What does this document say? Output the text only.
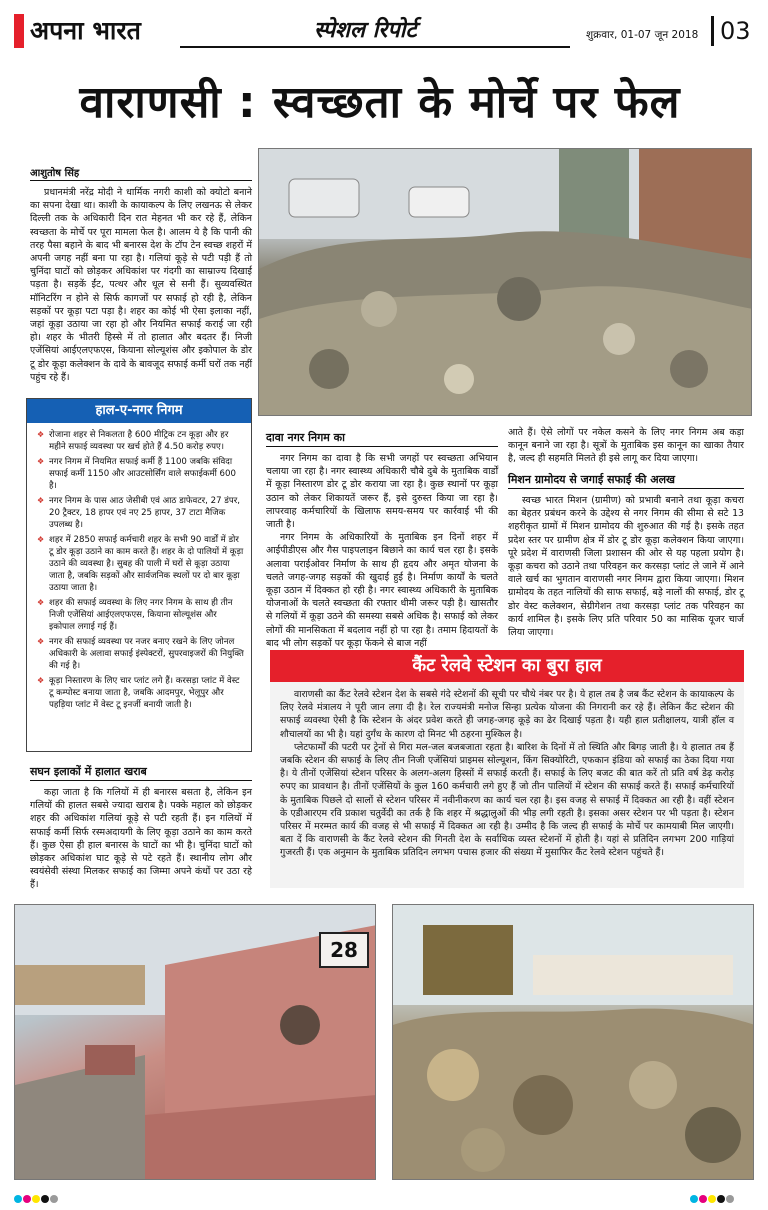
अपना भारत	स्पेशल रिपोर्ट	शुक्रवार, 01-07 जून 2018 03
वाराणसी : स्वच्छता के मोर्चे पर फेल
आशुतोष सिंह

प्रधानमंत्री नरेंद्र मोदी ने धार्मिक नगरी काशी को क्योटो बनाने का सपना देखा था। काशी के कायाकल्प के लिए लखनऊ से लेकर दिल्ली तक के अधिकारी दिन रात मेहनत भी कर रहे हैं, लेकिन स्वच्छता के मोर्चे पर पूरा मामला फेल है। आलम ये है कि पानी की तरह पैसा बहाने के बाद भी बनारस देश के टॉप टेन स्वच्छ शहरों में अपनी जगह नहीं बना पा रहा है। गलियां कूड़े से पटी पड़ी हैं तो चुनिंदा घाटों को छोड़कर अधिकांश पर गंदगी का साम्राज्य दिखाई पड़ता है। सड़कें ईंट, पत्थर और धूल से सनी हैं। सुव्यवस्थित मॉनिटरिंग न होने से सिर्फ कागजों पर सफाई हो रही है, लेकिन सड़कों पर कूड़ा पटा पड़ा है। शहर का कोई भी ऐसा इलाका नहीं, जहां कूड़ा उठाया जा रहा हो और नियमित सफाई कराई जा रही हो। शहर के भीतरी हिस्से में तो हालात और बदतर हैं। निजी एजेंसियां आईएलएफएस, कियाना सोल्यूशंस और इकोपाल के डोर टू डोर कूड़ा कलेक्शन के दावे के बावजूद सफाई कर्मी घरों तक नहीं पहुंच रहे हैं।

हाल-ए-नगर निगम
❖ रोजाना शहर से निकलता है 600 मीट्रिक टन कूड़ा और हर महीने सफाई व्यवस्था पर खर्च होते हैं 4.50 करोड़ रुपए।
❖ नगर निगम में नियमित सफाई कर्मी हैं 1100 जबकि संविदा सफाई कर्मी 1150 और आउटसोर्सिंग वाले सफाईकर्मी 600 है।
❖ नगर निगम के पास आठ जेसीबी एवं आठ डाफेवटर, 27 डंपर, 20 ट्रैक्टर, 18 हापर एवं नए 25 हापर, 37 टाटा मैजिक उपलब्ध है।
❖ शहर में 2850 सफाई कर्मचारी शहर के सभी 90 वार्डों में डोर टू डोर कूड़ा उठाने का काम करते हैं। शहर के दो पालियों में कूड़ा उठाने की व्यवस्था है। सुबह की पाली में घरों से कूड़ा उठाया जाता है, जबकि सड़कों और सार्वजनिक स्थलों पर दो बार कूड़ा उठाया जाता है।
❖ शहर की सफाई व्यवस्था के लिए नगर निगम के साथ ही तीन निजी एजेंसियां आईएलएफएस, कियाना सोल्यूशंस और इकोपाल लगाई गई हैं।
❖ नगर की सफाई व्यवस्था पर नजर बनाए रखने के लिए जोनल अधिकारी के अलावा सफाई इंस्पेक्टरों, सुपरवाइजरों की नियुक्ति की गई है।
❖ कूड़ा निस्तारण के लिए चार प्लांट लगे हैं। करसड़ा प्लांट में वेस्ट टू कम्पोस्ट बनाया जाता है, जबकि आदमपुर, भेलूपुर और पहड़िया प्लांट में वेस्ट टू इनर्जी बनायी जाती है।
सघन इलाकों में हालात खराब

कहा जाता है कि गलियों में ही बनारस बसता है, लेकिन इन गलियों की हालत सबसे ज्यादा खराब है। पक्के महाल को छोड़कर शहर की अधिकांश गलियां कूड़े से पटी रहती हैं। इन गलियों में सफाई कर्मी सिर्फ रस्मअदायगी के लिए कूड़ा उठाने का काम करते हैं। कुछ ऐसा ही हाल बनारस के घाटों का भी है। चुनिंदा घाटों को छोड़कर अधिकांश घाट कूड़े से पटे रहते हैं। स्थानीय लोग और स्वयंसेवी संस्था मिलकर सफाई का जिम्मा अपने कंधों पर उठा रहे हैं।

दावा नगर निगम का

नगर निगम का दावा है कि सभी जगहों पर स्वच्छता अभियान चलाया जा रहा है। नगर स्वास्थ्य अधिकारी चौबे दुबे के मुताबिक वार्डों में कूड़ा निस्तारण डोर टू डोर कराया जा रहा है। कुछ स्थानों पर कूड़ा उठान को लेकर शिकायतें जरूर हैं, इसे दुरुस्त किया जा रहा है। लापरवाह कर्मचारियों के खिलाफ समय-समय पर कार्रवाई भी की जाती है।

नगर निगम के अधिकारियों के मुताबिक इन दिनों शहर में आईपीडीएस और गैस पाइपलाइन बिछाने का कार्य चल रहा है। इसके अलावा पराईओवर निर्माण के साथ ही हृदय और अमृत योजना के चलते जगह-जगह सड़कों की खुदाई हुई है। निर्माण कार्यों के चलते कूड़ा उठान में दिक्कत हो रही है। नगर स्वास्थ्य अधिकारी के मुताबिक योजनाओं के चलते स्वच्छता की रफ्तार धीमी जरूर पड़ी है। खासतौर से गलियों में कूड़ा उठने की समस्या सबसे अधिक है। सफाई को लेकर लोगों की मानसिकता में बदलाव नहीं हो पा रहा है। तमाम हिदायतों के बाद भी लोग सड़कों पर कूड़ा फेंकने से बाज नहीं

आते हैं। ऐसे लोगों पर नकेल कसने के लिए नगर निगम अब कड़ा कानून बनाने जा रहा है। सूत्रों के मुताबिक इस कानून का खाका तैयार है, जल्द ही सहमति मिलते ही इसे लागू कर दिया जाएगा।

मिशन ग्रामोदय से जगाई सफाई की अलख

स्वच्छ भारत मिशन (ग्रामीण) को प्रभावी बनाने तथा कूड़ा कचरा का बेहतर प्रबंधन करने के उद्देश्य से नगर निगम की सीमा से सटे 13 शहरीकृत ग्रामों में मिशन ग्रामोदय की शुरुआत की गई है। इसके तहत प्रदेश स्तर पर ग्रामीण क्षेत्र में डोर टू डोर कूड़ा कलेक्शन किया जाएगा। पूरे प्रदेश में वाराणसी जिला प्रशासन की ओर से यह पहला प्रयोग है। कूड़ा कचरा को उठाने तथा परिवहन कर करसड़ा प्लांट ले जाने में आने वाले खर्च का भुगतान वाराणसी नगर निगम द्वारा किया जाएगा। मिशन ग्रामोदय के तहत नालियों की साफ सफाई, बड़े नालों की सफाई, डोर टू डोर वेस्ट कलेक्शन, सेग्रीगेशन तथा करसड़ा प्लांट तक परिवहन का कार्य शामिल है। इसके लिए प्रति परिवार 50 का मासिक यूजर चार्ज लिया जाएगा।

कैंट रेलवे स्टेशन का बुरा हाल

वाराणसी का कैंट रेलवे स्टेशन देश के सबसे गंदे स्टेशनों की सूची पर चौथे नंबर पर है। ये हाल तब है जब कैंट स्टेशन के कायाकल्प के लिए रेलवे मंत्रालय ने पूरी जान लगा दी है। रेल राज्यमंत्री मनोज सिन्हा प्रत्येक योजना की निगरानी कर रहे हैं। लेकिन कैंट स्टेशन की सफाई व्यवस्था ऐसी है कि स्टेशन के अंदर प्रवेश करते ही जगह-जगह कूड़े का ढेर दिखाई पड़ता है। यही हाल प्रतीक्षालय, यात्री हॉल व शौचालयों का भी है। यहां दुर्गंध के कारण दो मिनट भी ठहरना मुश्किल है।

प्लेटफार्मों की पटरी पर ट्रेनों से गिरा मल-जल बजबजाता रहता है। बारिश के दिनों में तो स्थिति और बिगड़ जाती है। ये हालात तब हैं जबकि स्टेशन की सफाई के लिए तीन निजी एजेंसियां प्राइमस सोल्यूशन, किंग सिक्योरिटी, एफकान इंडिया को सफाई का ठेका दिया गया है। ये तीनों एजेंसियां स्टेशन परिसर के अलग-अलग हिस्सों में सफाई करती हैं। सफाई के लिए बजट की बात करें तो प्रति वर्ष डेढ़ करोड़ रुपए का प्रावधान है। तीनों एजेंसियों के कुल 160 कर्मचारी लगे हुए हैं जो तीन पालियों में स्टेशन की सफाई करते हैं। सफाई कर्मचारियों के मुताबिक पिछले दो सालों से स्टेशन परिसर में नवीनीकरण का कार्य चल रहा है। इस वजह से सफाई में दिक्कत आ रही है। वहीं स्टेशन के एडीआरएम रवि प्रकाश चतुर्वेदी का तर्क है कि शहर में श्रद्धालुओं की भीड़ लगी रहती है। इसका असर स्टेशन पर भी पड़ता है। स्टेशन परिसर में मरम्मत कार्य की वजह से भी सफाई में दिक्कत आ रही है। उम्मीद है कि जल्द ही सफाई के मोर्चे पर कामयाबी मिल जाएगी। बता दें कि वाराणसी के कैंट रेलवे स्टेशन की गिनती देश के सर्वाधिक व्यस्त स्टेशनों में होती है। यहां से प्रतिदिन लगभग 200 गाड़ियां गुजरती हैं। एक अनुमान के मुताबिक प्रतिदिन लगभग पचास हजार की संख्या में मुसाफिर कैंट रेलवे स्टेशन पहुंचते हैं।

28
